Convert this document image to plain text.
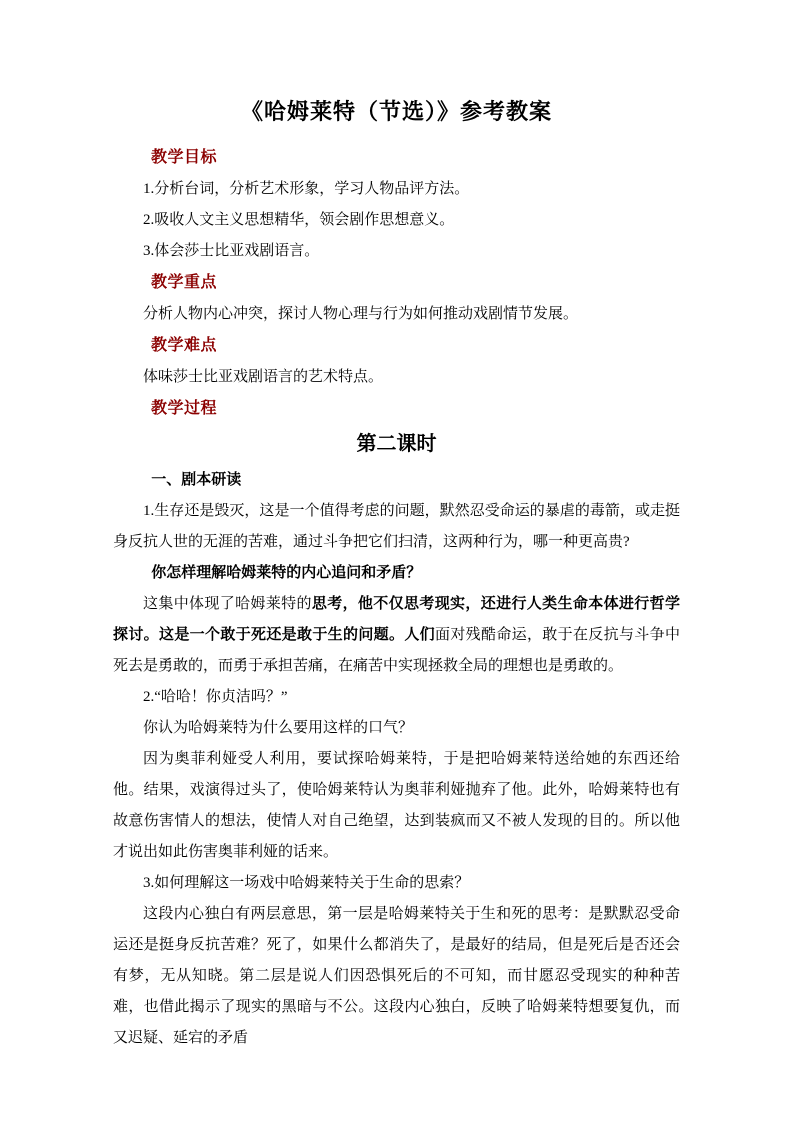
《哈姆莱特（节选）》参考教案
教学目标

1.分析台词，分析艺术形象，学习人物品评方法。

2.吸收人文主义思想精华，领会剧作思想意义。

3.体会莎士比亚戏剧语言。

教学重点

分析人物内心冲突，探讨人物心理与行为如何推动戏剧情节发展。

教学难点

体味莎士比亚戏剧语言的艺术特点。

教学过程
第二课时

一、剧本研读

1.生存还是毁灭，这是一个值得考虑的问题，默然忍受命运的暴虐的毒箭，或走挺身反抗人世的无涯的苦难，通过斗争把它们扫清，这两种行为，哪一种更高贵?

你怎样理解哈姆莱特的内心追问和矛盾？

这集中体现了哈姆莱特的思考，他不仅思考现实，还进行人类生命本体进行哲学探讨。这是一个敢于死还是敢于生的问题。人们面对残酷命运，敢于在反抗与斗争中死去是勇敢的，而勇于承担苦痛，在痛苦中实现拯救全局的理想也是勇敢的。

2.“哈哈！你贞洁吗？”

你认为哈姆莱特为什么要用这样的口气？

因为奥菲利娅受人利用，要试探哈姆莱特，于是把哈姆莱特送给她的东西还给他。结果，戏演得过头了，使哈姆莱特认为奥菲利娅抛弃了他。此外，哈姆莱特也有故意伤害情人的想法，使情人对自己绝望，达到装疯而又不被人发现的目的。所以他才说出如此伤害奥菲利娅的话来。

3.如何理解这一场戏中哈姆莱特关于生命的思索？

这段内心独白有两层意思，第一层是哈姆莱特关于生和死的思考：是默默忍受命运还是挺身反抗苦难？死了，如果什么都消失了，是最好的结局，但是死后是否还会有梦，无从知晓。第二层是说人们因恐惧死后的不可知，而甘愿忍受现实的种种苦难，也借此揭示了现实的黑暗与不公。这段内心独白，反映了哈姆莱特想要复仇，而又迟疑、延宕的矛盾
